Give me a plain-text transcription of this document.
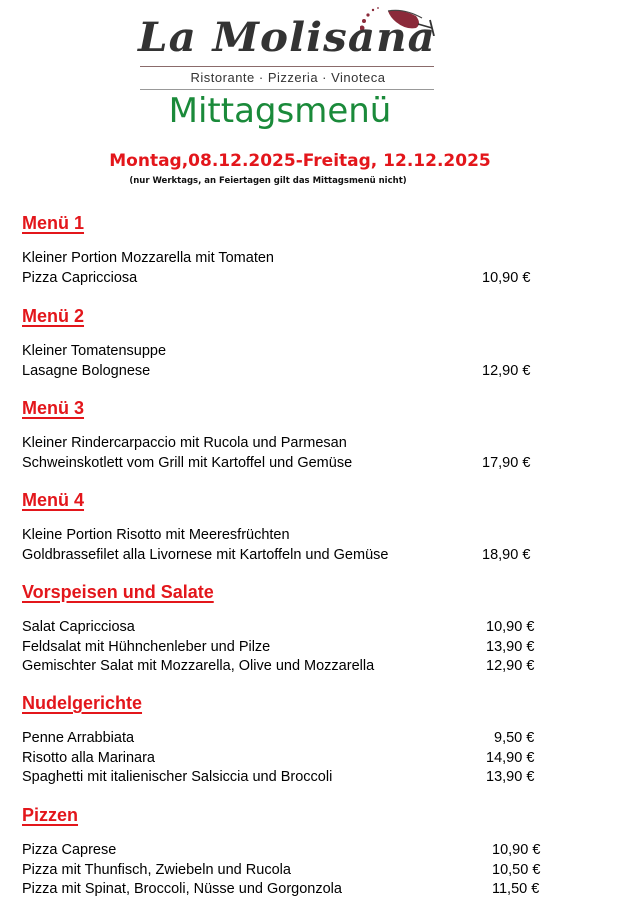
La Molisana
Ristorante · Pizzeria · Vinoteca
Mittagsmenü
Montag,08.12.2025-Freitag, 12.12.2025
(nur Werktags, an Feiertagen gilt das Mittagsmenü nicht)
Menü 1
Kleiner Portion Mozzarella mit Tomaten
Pizza Capricciosa	10,90 €
Menü 2
Kleiner Tomatensuppe
Lasagne Bolognese	12,90 €
Menü 3
Kleiner Rindercarpaccio mit Rucola und Parmesan
Schweinskotlett vom Grill mit Kartoffel und Gemüse	17,90 €
Menü 4
Kleine Portion Risotto mit Meeresfrüchten
Goldbrassefilet alla Livornese mit Kartoffeln und Gemüse	18,90 €
Vorspeisen und Salate
Salat Capricciosa	10,90 €
Feldsalat mit Hühnchenleber und Pilze	13,90 €
Gemischter Salat mit Mozzarella, Olive und Mozzarella	12,90 €
Nudelgerichte
Penne Arrabbiata	9,50 €
Risotto alla Marinara	14,90 €
Spaghetti mit italienischer Salsiccia und Broccoli	13,90 €
Pizzen
Pizza Caprese	10,90 €
Pizza mit Thunfisch, Zwiebeln und Rucola	10,50 €
Pizza mit Spinat, Broccoli, Nüsse und Gorgonzola	11,50 €
